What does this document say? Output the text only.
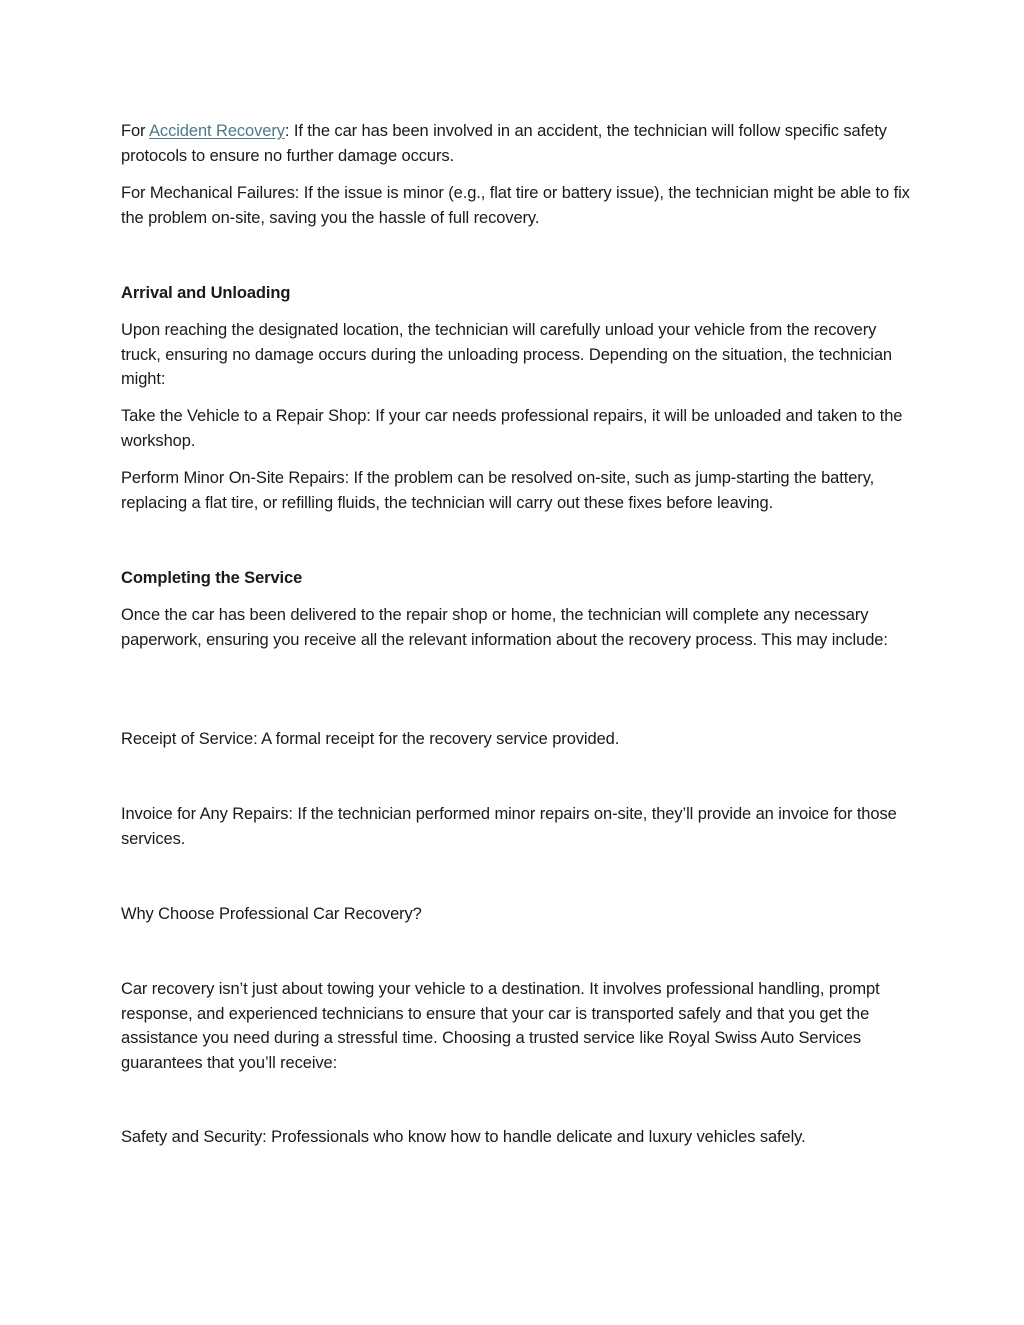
For Accident Recovery: If the car has been involved in an accident, the technician will follow specific safety protocols to ensure no further damage occurs.

For Mechanical Failures: If the issue is minor (e.g., flat tire or battery issue), the technician might be able to fix the problem on-site, saving you the hassle of full recovery.

Arrival and Unloading

Upon reaching the designated location, the technician will carefully unload your vehicle from the recovery truck, ensuring no damage occurs during the unloading process. Depending on the situation, the technician might:

Take the Vehicle to a Repair Shop: If your car needs professional repairs, it will be unloaded and taken to the workshop.

Perform Minor On-Site Repairs: If the problem can be resolved on-site, such as jump-starting the battery, replacing a flat tire, or refilling fluids, the technician will carry out these fixes before leaving.

Completing the Service

Once the car has been delivered to the repair shop or home, the technician will complete any necessary paperwork, ensuring you receive all the relevant information about the recovery process. This may include:

Receipt of Service: A formal receipt for the recovery service provided.

Invoice for Any Repairs: If the technician performed minor repairs on-site, they’ll provide an invoice for those services.

Why Choose Professional Car Recovery?

Car recovery isn’t just about towing your vehicle to a destination. It involves professional handling, prompt response, and experienced technicians to ensure that your car is transported safely and that you get the assistance you need during a stressful time. Choosing a trusted service like Royal Swiss Auto Services guarantees that you’ll receive:

Safety and Security: Professionals who know how to handle delicate and luxury vehicles safely.
